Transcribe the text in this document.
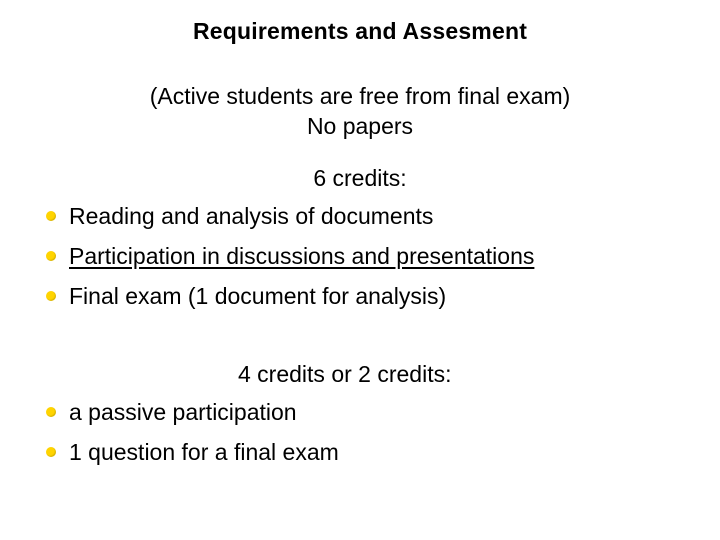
Requirements and Assesment
(Active students are free from final exam)
No papers
6 credits:
Reading and analysis of documents
Participation in discussions and presentations
Final exam (1 document for analysis)
4 credits or 2 credits:
a passive participation
1 question for a final exam
